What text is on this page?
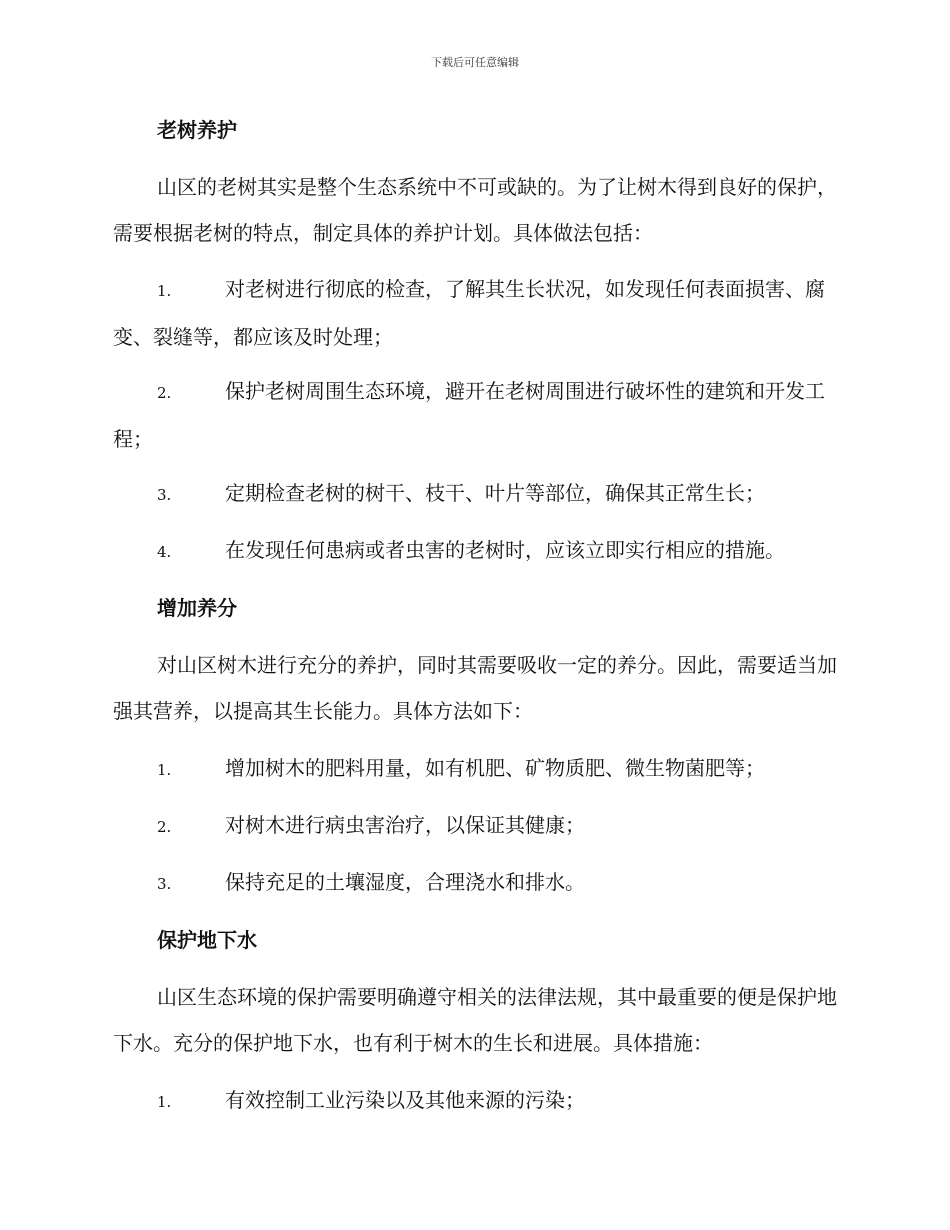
下载后可任意编辑
老树养护
山区的老树其实是整个生态系统中不可或缺的。为了让树木得到良好的保护，需要根据老树的特点，制定具体的养护计划。具体做法包括：
1.	对老树进行彻底的检查，了解其生长状况，如发现任何表面损害、腐变、裂缝等，都应该及时处理；
2.	保护老树周围生态环境，避开在老树周围进行破坏性的建筑和开发工程；
3.	定期检查老树的树干、枝干、叶片等部位，确保其正常生长；
4.	在发现任何患病或者虫害的老树时，应该立即实行相应的措施。
增加养分
对山区树木进行充分的养护，同时其需要吸收一定的养分。因此，需要适当加强其营养，以提高其生长能力。具体方法如下：
1.	增加树木的肥料用量，如有机肥、矿物质肥、微生物菌肥等；
2.	对树木进行病虫害治疗，以保证其健康；
3.	保持充足的土壤湿度，合理浇水和排水。
保护地下水
山区生态环境的保护需要明确遵守相关的法律法规，其中最重要的便是保护地下水。充分的保护地下水，也有利于树木的生长和进展。具体措施：
1.	有效控制工业污染以及其他来源的污染；
